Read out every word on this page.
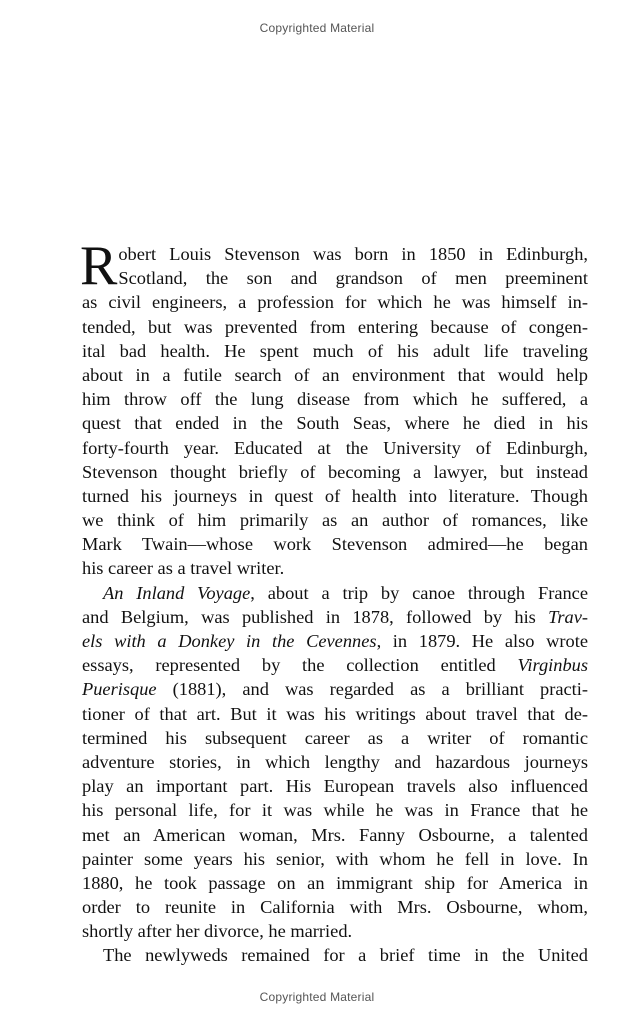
Copyrighted Material
R obert Louis Stevenson was born in 1850 in Edinburgh,
Scotland, the son and grandson of men preeminent
as civil engineers, a profession for which he was himself in-
tended, but was prevented from entering because of congen-
ital bad health. He spent much of his adult life traveling
about in a futile search of an environment that would help
him throw off the lung disease from which he suffered, a
quest that ended in the South Seas, where he died in his
forty-fourth year. Educated at the University of Edinburgh,
Stevenson thought briefly of becoming a lawyer, but instead
turned his journeys in quest of health into literature. Though
we think of him primarily as an author of romances, like
Mark Twain—whose work Stevenson admired—he began
his career as a travel writer.
An Inland Voyage, about a trip by canoe through France
and Belgium, was published in 1878, followed by his Trav-
els with a Donkey in the Cevennes, in 1879. He also wrote
essays, represented by the collection entitled Virginbus
Puerisque (1881), and was regarded as a brilliant practi-
tioner of that art. But it was his writings about travel that de-
termined his subsequent career as a writer of romantic
adventure stories, in which lengthy and hazardous journeys
play an important part. His European travels also influenced
his personal life, for it was while he was in France that he
met an American woman, Mrs. Fanny Osbourne, a talented
painter some years his senior, with whom he fell in love. In
1880, he took passage on an immigrant ship for America in
order to reunite in California with Mrs. Osbourne, whom,
shortly after her divorce, he married.
The newlyweds remained for a brief time in the United
Copyrighted Material
